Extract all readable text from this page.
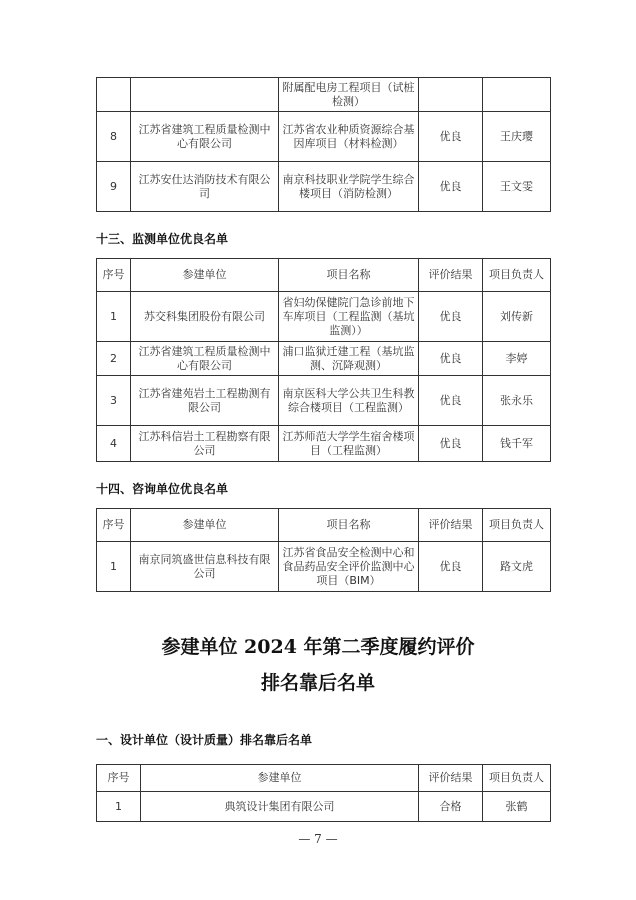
		附属配电房工程项目（试桩检测）		
8	江苏省建筑工程质量检测中心有限公司	江苏省农业种质资源综合基因库项目（材料检测）	优良	王庆璎
9	江苏安仕达消防技术有限公司	南京科技职业学院学生综合楼项目（消防检测）	优良	王文雯
十三、监测单位优良名单
序号	参建单位	项目名称	评价结果	项目负责人
1	苏交科集团股份有限公司	省妇幼保健院门急诊前地下车库项目（工程监测（基坑监测））	优良	刘传新
2	江苏省建筑工程质量检测中心有限公司	浦口监狱迁建工程（基坑监测、沉降观测）	优良	李婷
3	江苏省建苑岩土工程勘测有限公司	南京医科大学公共卫生科教综合楼项目（工程监测）	优良	张永乐
4	江苏科信岩土工程勘察有限公司	江苏师范大学学生宿舍楼项目（工程监测）	优良	钱千军
十四、咨询单位优良名单
序号	参建单位	项目名称	评价结果	项目负责人
1	南京同筑盛世信息科技有限公司	江苏省食品安全检测中心和食品药品安全评价监测中心项目（BIM）	优良	路文虎
参建单位 2024 年第二季度履约评价
排名靠后名单
一、设计单位（设计质量）排名靠后名单
序号	参建单位	评价结果	项目负责人
1	典筑设计集团有限公司	合格	张鹤
— 7 —
